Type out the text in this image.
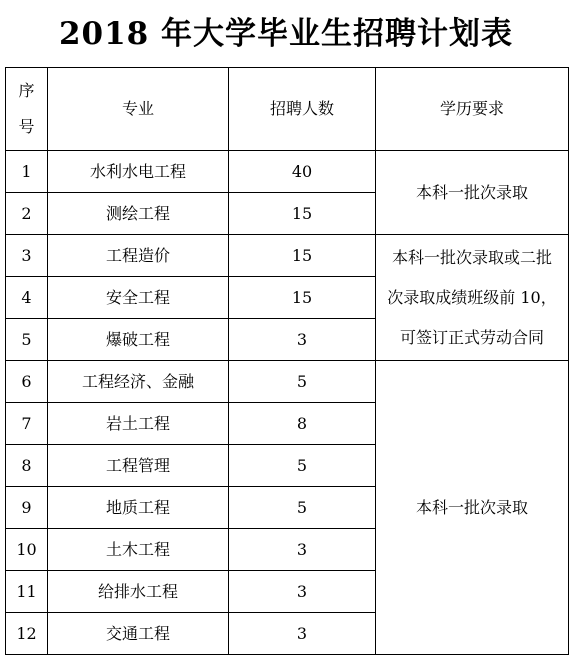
2018 年大学毕业生招聘计划表
序
号	专业	招聘人数	学历要求
1	水利水电工程	40	本科一批次录取
2	测绘工程	15	
3	工程造价	15	本科一批次录取或二批
次录取成绩班级前 10，
可签订正式劳动合同

4	安全工程	15	
5	爆破工程	3	
6	工程经济、金融	5	本科一批次录取
7	岩土工程	8	
8	工程管理	5	
9	地质工程	5	
10	土木工程	3	
11	给排水工程	3	
12	交通工程	3	
